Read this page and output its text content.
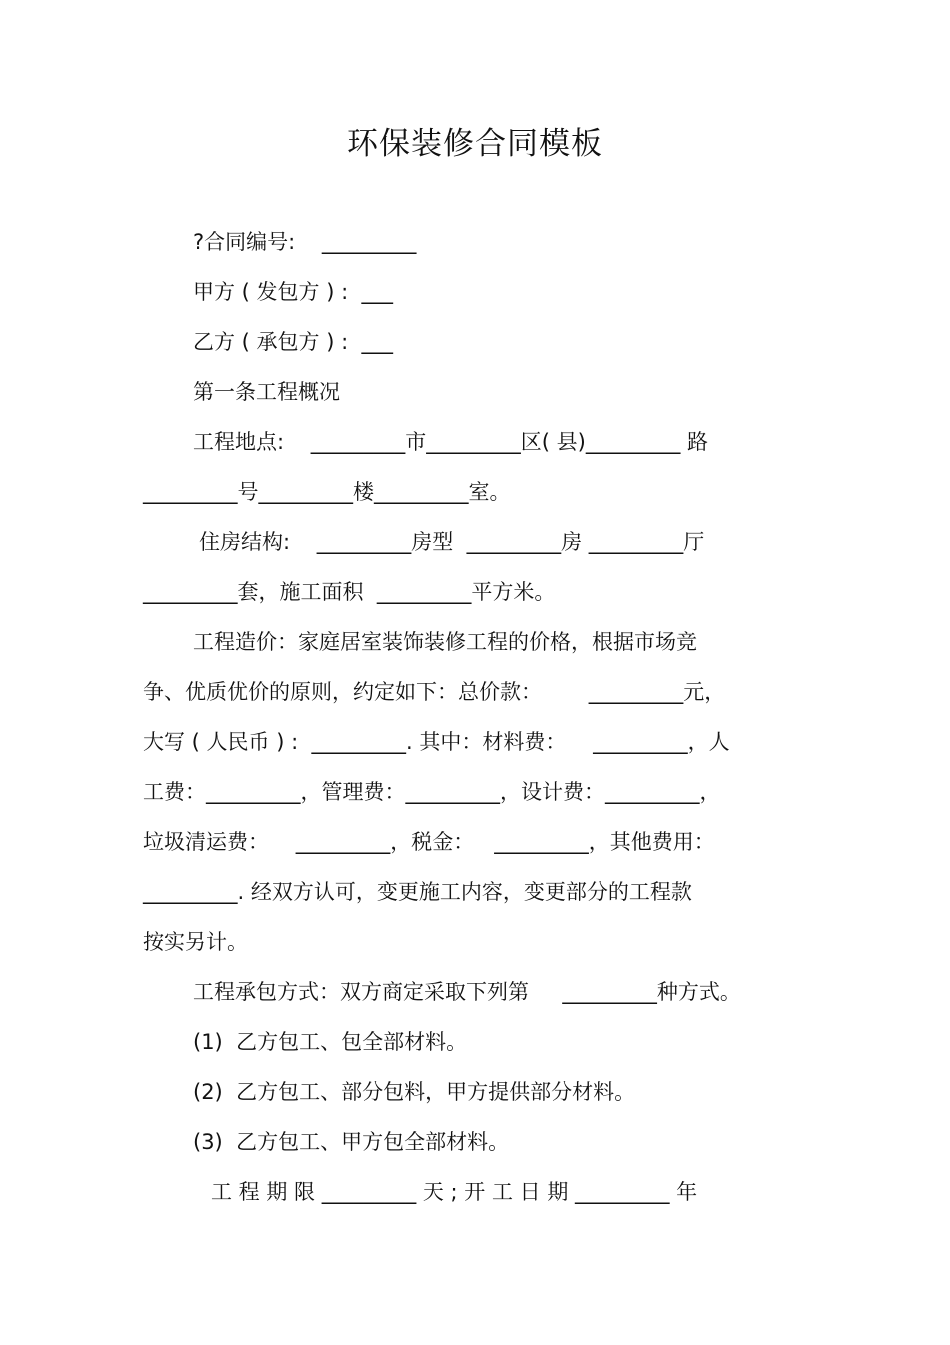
环保装修合同模板
?合同编号:    _________
甲方 ( 发包方 ) :  ___
乙方 ( 承包方 ) :  ___
第一条工程概况
工程地点:    _________市_________区( 县)_________ 路
_________号_________楼_________室。
住房结构:    _________房型  _________房 _________厅
_________套，施工面积  _________平方米。
工程造价：家庭居室装饰装修工程的价格，根据市场竞
争、优质优价的原则，约定如下：总价款：       _________元，
大写 ( 人民币 ) :  _________. 其中：材料费：    _________，人
工费：_________，管理费：_________，设计费：_________，
垃圾清运费：    _________，税金：   _________，其他费用：
_________. 经双方认可，变更施工内容，变更部分的工程款
按实另计。
工程承包方式：双方商定采取下列第     _________种方式。
(1)  乙方包工、包全部材料。
(2)  乙方包工、部分包料，甲方提供部分材料。
(3)  乙方包工、甲方包全部材料。
工 程 期 限 _________ 天 ; 开 工 日 期 _________ 年
